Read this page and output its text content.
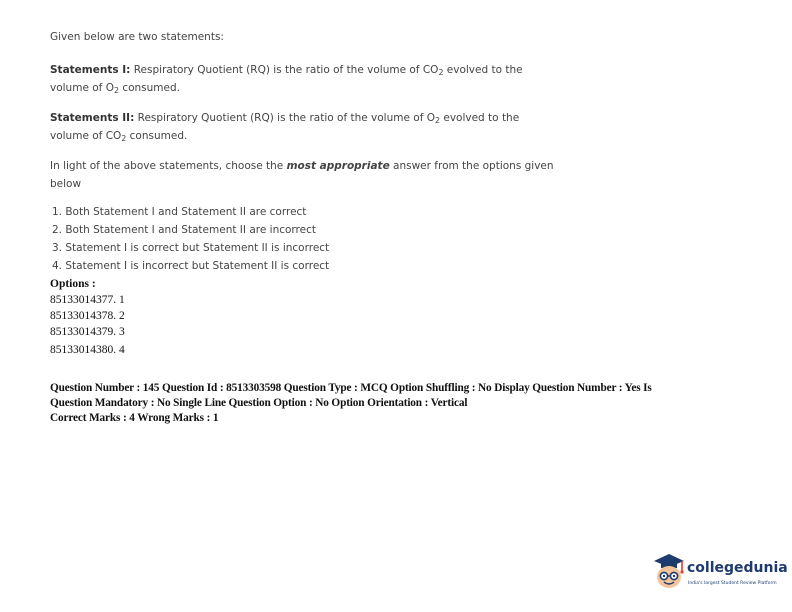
Given below are two statements:

Statements I: Respiratory Quotient (RQ) is the ratio of the volume of $CO_2$ evolved to the
volume of $O_2$ consumed.
Statements II: Respiratory Quotient (RQ) is the ratio of the volume of $O_2$ evolved to the
volume of $CO_2$ consumed.
In light of the above statements, choose the most appropriate answer from the options given
below

1. Both Statement I and Statement II are correct

2. Both Statement I and Statement II are incorrect

3. Statement I is correct but Statement II is incorrect

4. Statement I is incorrect but Statement II is correct

Options :

85133014377. 1

85133014378. 2

85133014379. 3

85133014380. 4

Question Number : 145 Question Id : 8513303598 Question Type : MCQ Option Shuffling : No Display Question Number : Yes Is
Question Mandatory : No Single Line Question Option : No Option Orientation : Vertical
Correct Marks : 4 Wrong Marks : 1
collegedunia
India's largest Student Review Platform
